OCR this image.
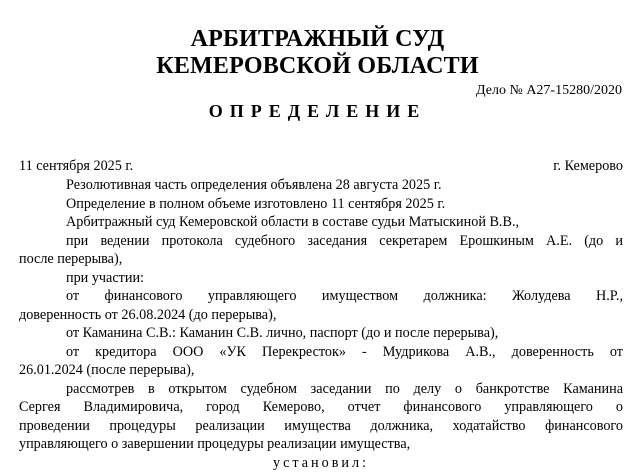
АРБИТРАЖНЫЙ СУД
КЕМЕРОВСКОЙ ОБЛАСТИ
Дело № А27-15280/2020
ОПРЕДЕЛЕНИЕ
11 сентября 2025 г.	г. Кемерово
Резолютивная часть определения объявлена 28 августа 2025 г.
Определение в полном объеме изготовлено 11 сентября 2025 г.
Арбитражный суд Кемеровской области в составе судьи Матыскиной В.В.,
при ведении протокола судебного заседания секретарем Ерошкиным А.Е. (до и
после перерыва),
при участии:
от финансового управляющего имуществом должника: Жолудева Н.Р.,
доверенность от 26.08.2024 (до перерыва),
от Каманина С.В.: Каманин С.В. лично, паспорт (до и после перерыва),
от кредитора ООО «УК Перекресток» - Мудрикова А.В., доверенность от
26.01.2024 (после перерыва),
рассмотрев в открытом судебном заседании по делу о банкротстве Каманина
Сергея Владимировича, город Кемерово, отчет финансового управляющего о
проведении процедуры реализации имущества должника, ходатайство финансового
управляющего о завершении процедуры реализации имущества,
установил:
